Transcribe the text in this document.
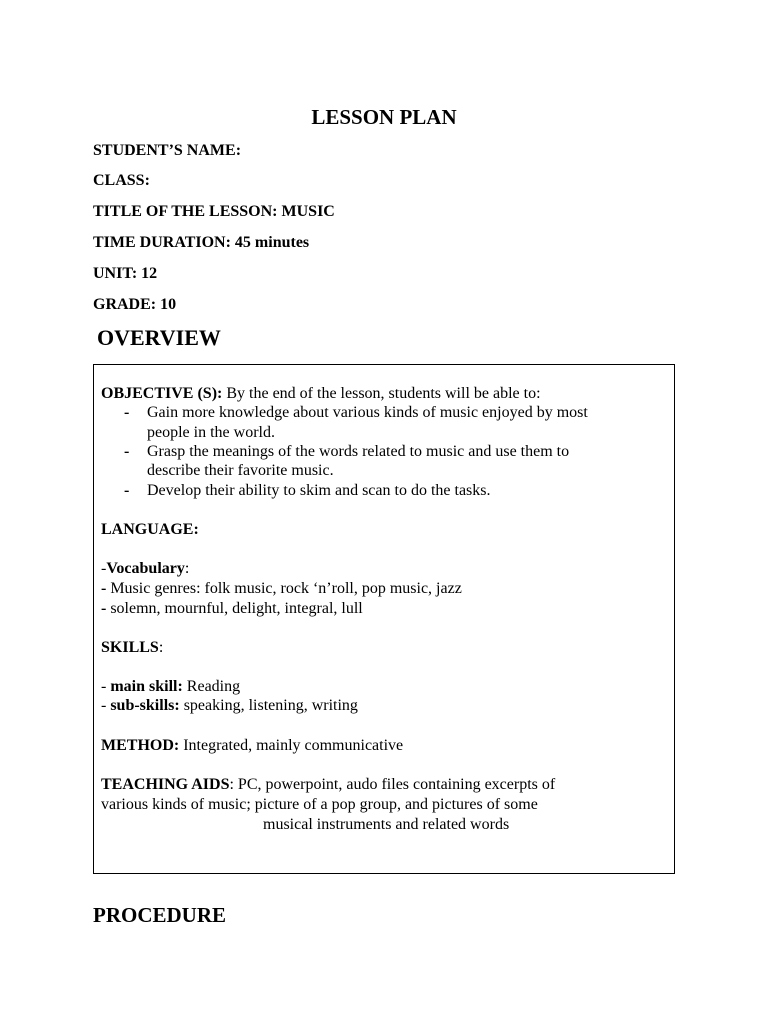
LESSON PLAN
STUDENT’S NAME:
CLASS:
TITLE OF THE LESSON: MUSIC
TIME DURATION: 45 minutes
UNIT: 12
GRADE: 10
OVERVIEW
OBJECTIVE (S): By the end of the lesson, students will be able to:
- Gain more knowledge about various kinds of music enjoyed by most
people in the world.
- Grasp the meanings of the words related to music and use them to
describe their favorite music.
- Develop their ability to skim and scan to do the tasks.
LANGUAGE:
-Vocabulary:
- Music genres: folk music, rock ‘n’roll, pop music, jazz
- solemn, mournful, delight, integral, lull
SKILLS:
- main skill: Reading
- sub-skills: speaking, listening, writing
METHOD: Integrated, mainly communicative
TEACHING AIDS: PC, powerpoint, audo files containing excerpts of
various kinds of music; picture of a pop group, and pictures of some
musical instruments and related words
PROCEDURE
